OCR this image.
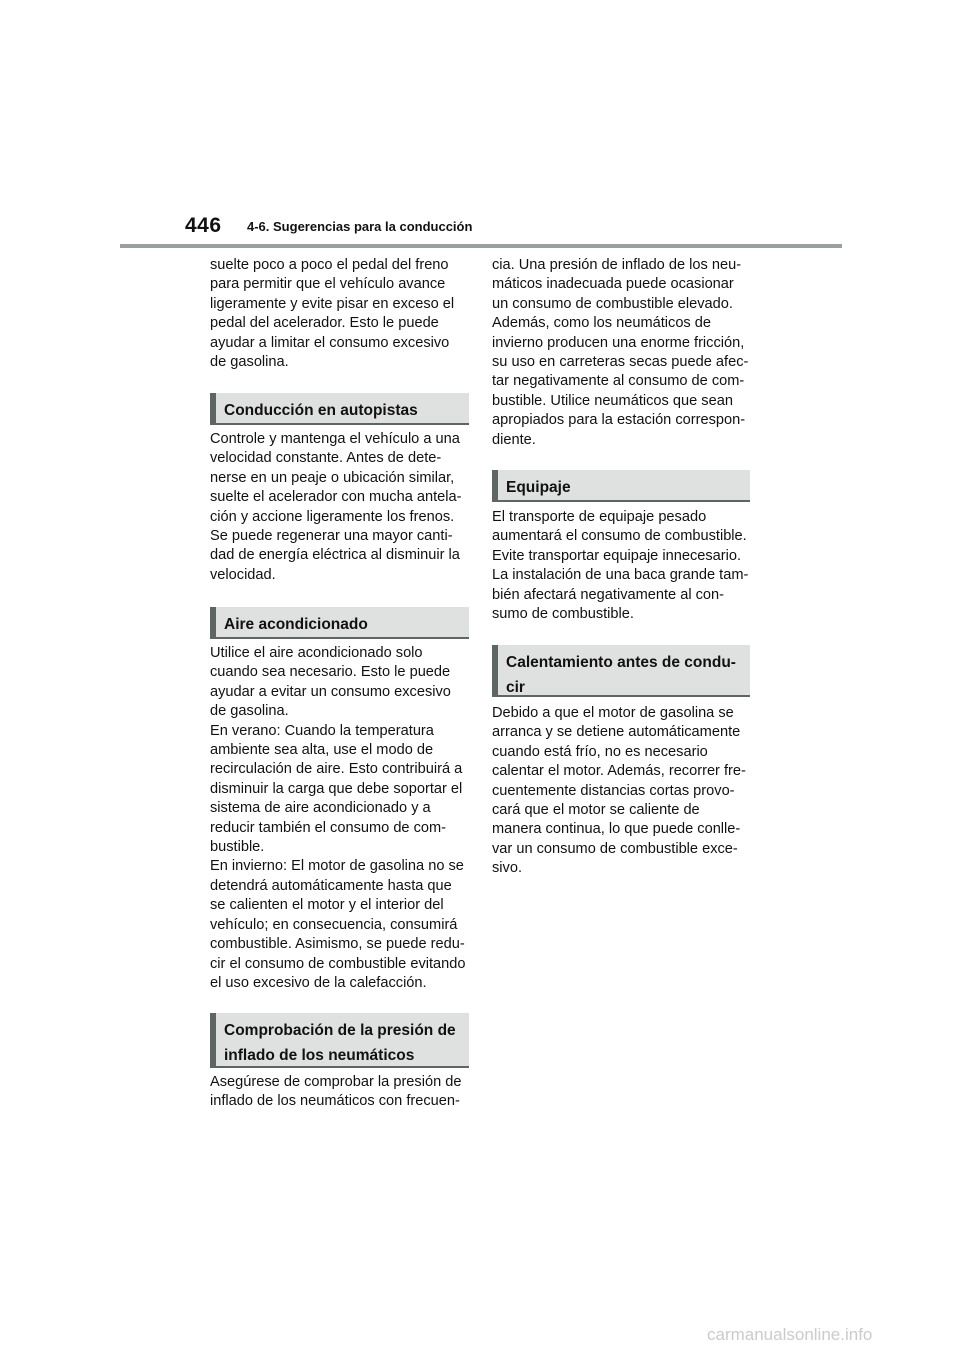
446 4-6. Sugerencias para la conducción
suelte poco a poco el pedal del freno
para permitir que el vehículo avance
ligeramente y evite pisar en exceso el
pedal del acelerador. Esto le puede
ayudar a limitar el consumo excesivo
de gasolina.
Conducción en autopistas
Controle y mantenga el vehículo a una
velocidad constante. Antes de dete-
nerse en un peaje o ubicación similar,
suelte el acelerador con mucha antela-
ción y accione ligeramente los frenos.
Se puede regenerar una mayor canti-
dad de energía eléctrica al disminuir la
velocidad.
Aire acondicionado
Utilice el aire acondicionado solo
cuando sea necesario. Esto le puede
ayudar a evitar un consumo excesivo
de gasolina.
En verano: Cuando la temperatura
ambiente sea alta, use el modo de
recirculación de aire. Esto contribuirá a
disminuir la carga que debe soportar el
sistema de aire acondicionado y a
reducir también el consumo de com-
bustible.
En invierno: El motor de gasolina no se
detendrá automáticamente hasta que
se calienten el motor y el interior del
vehículo; en consecuencia, consumirá
combustible. Asimismo, se puede redu-
cir el consumo de combustible evitando
el uso excesivo de la calefacción.
Comprobación de la presión de
inflado de los neumáticos
Asegúrese de comprobar la presión de
inflado de los neumáticos con frecuen-
cia. Una presión de inflado de los neu-
máticos inadecuada puede ocasionar
un consumo de combustible elevado.
Además, como los neumáticos de
invierno producen una enorme fricción,
su uso en carreteras secas puede afec-
tar negativamente al consumo de com-
bustible. Utilice neumáticos que sean
apropiados para la estación correspon-
diente.
Equipaje
El transporte de equipaje pesado
aumentará el consumo de combustible.
Evite transportar equipaje innecesario.
La instalación de una baca grande tam-
bién afectará negativamente al con-
sumo de combustible.
Calentamiento antes de condu-
cir
Debido a que el motor de gasolina se
arranca y se detiene automáticamente
cuando está frío, no es necesario
calentar el motor. Además, recorrer fre-
cuentemente distancias cortas provo-
cará que el motor se caliente de
manera continua, lo que puede conlle-
var un consumo de combustible exce-
sivo.
carmanualsonline.info
